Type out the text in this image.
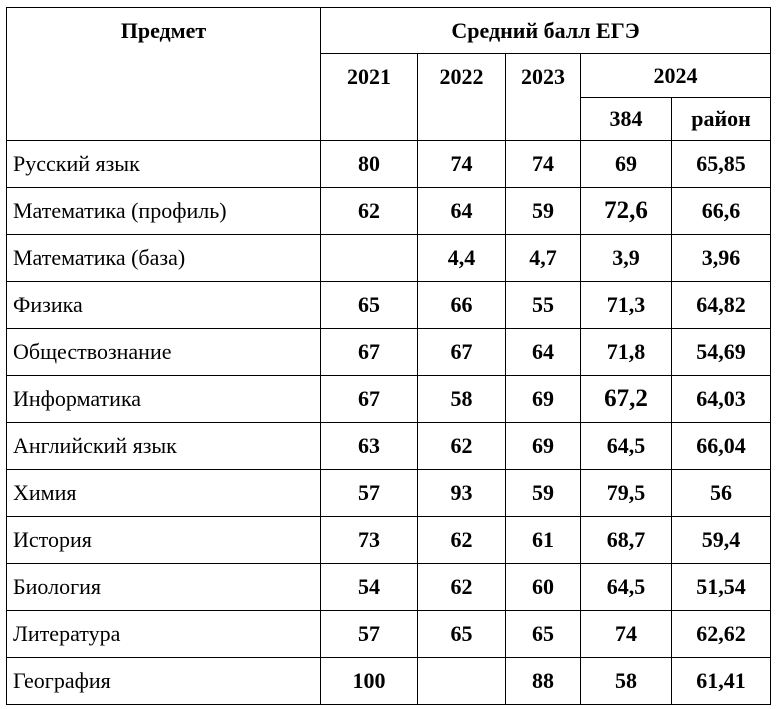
Предмет	Средний балл ЕГЭ				
	2021	2022	2023	2024	
				384	район
Русский язык	80	74	74	69	65,85
Математика (профиль)	62	64	59	72,6	66,6
Математика (база)		4,4	4,7	3,9	3,96
Физика	65	66	55	71,3	64,82
Обществознание	67	67	64	71,8	54,69
Информатика	67	58	69	67,2	64,03
Английский язык	63	62	69	64,5	66,04
Химия	57	93	59	79,5	56
История	73	62	61	68,7	59,4
Биология	54	62	60	64,5	51,54
Литература	57	65	65	74	62,62
География	100		88	58	61,41
